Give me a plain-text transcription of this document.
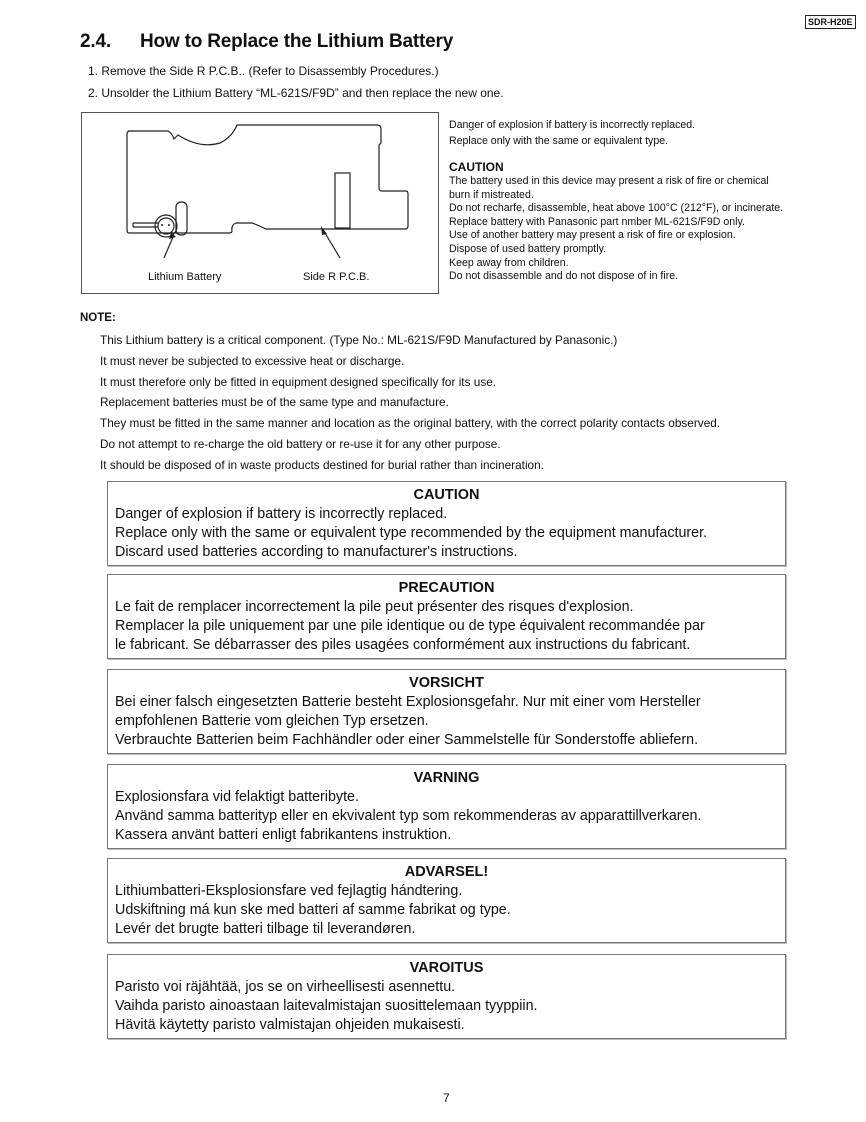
SDR-H20E
2.4. How to Replace the Lithium Battery
1. Remove the Side R P.C.B.. (Refer to Disassembly Procedures.)
2. Unsolder the Lithium Battery “ML-621S/F9D” and then replace the new one.
Lithium Battery	Side R P.C.B.
Danger of explosion if battery is incorrectly replaced.
Replace only with the same or equivalent type.
CAUTION
The battery used in this device may present a risk of fire or chemical
burn if mistreated.
Do not recharfe, disassemble, heat above 100°C (212°F), or incinerate.
Replace battery with Panasonic part nmber ML-621S/F9D only.
Use of another battery may present a risk of fire or explosion.
Dispose of used battery promptly.
Keep away from children.
Do not disassemble and do not dispose of in fire.
NOTE:
This Lithium battery is a critical component. (Type No.: ML-621S/F9D Manufactured by Panasonic.)
It must never be subjected to excessive heat or discharge.
It must therefore only be fitted in equipment designed specifically for its use.
Replacement batteries must be of the same type and manufacture.
They must be fitted in the same manner and location as the original battery, with the correct polarity contacts observed.
Do not attempt to re-charge the old battery or re-use it for any other purpose.
It should be disposed of in waste products destined for burial rather than incineration.
CAUTION
Danger of explosion if battery is incorrectly replaced.
Replace only with the same or equivalent type recommended by the equipment manufacturer.
Discard used batteries according to manufacturer's instructions.
PRECAUTION
Le fait de remplacer incorrectement la pile peut présenter des risques d'explosion.
Remplacer la pile uniquement par une pile identique ou de type équivalent recommandée par
le fabricant. Se débarrasser des piles usagées conformément aux instructions du fabricant.
VORSICHT
Bei einer falsch eingesetzten Batterie besteht Explosionsgefahr. Nur mit einer vom Hersteller
empfohlenen Batterie vom gleichen Typ ersetzen.
Verbrauchte Batterien beim Fachhändler oder einer Sammelstelle für Sonderstoffe abliefern.
VARNING
Explosionsfara vid felaktigt batteribyte.
Använd samma batterityp eller en ekvivalent typ som rekommenderas av apparattillverkaren.
Kassera använt batteri enligt fabrikantens instruktion.
ADVARSEL!
Lithiumbatteri-Eksplosionsfare ved fejlagtig hándtering.
Udskiftning má kun ske med batteri af samme fabrikat og type.
Levér det brugte batteri tilbage til leverandøren.
VAROITUS
Paristo voi räjähtää, jos se on virheellisesti asennettu.
Vaihda paristo ainoastaan laitevalmistajan suosittelemaan tyyppiin.
Hävitä käytetty paristo valmistajan ohjeiden mukaisesti.
7
